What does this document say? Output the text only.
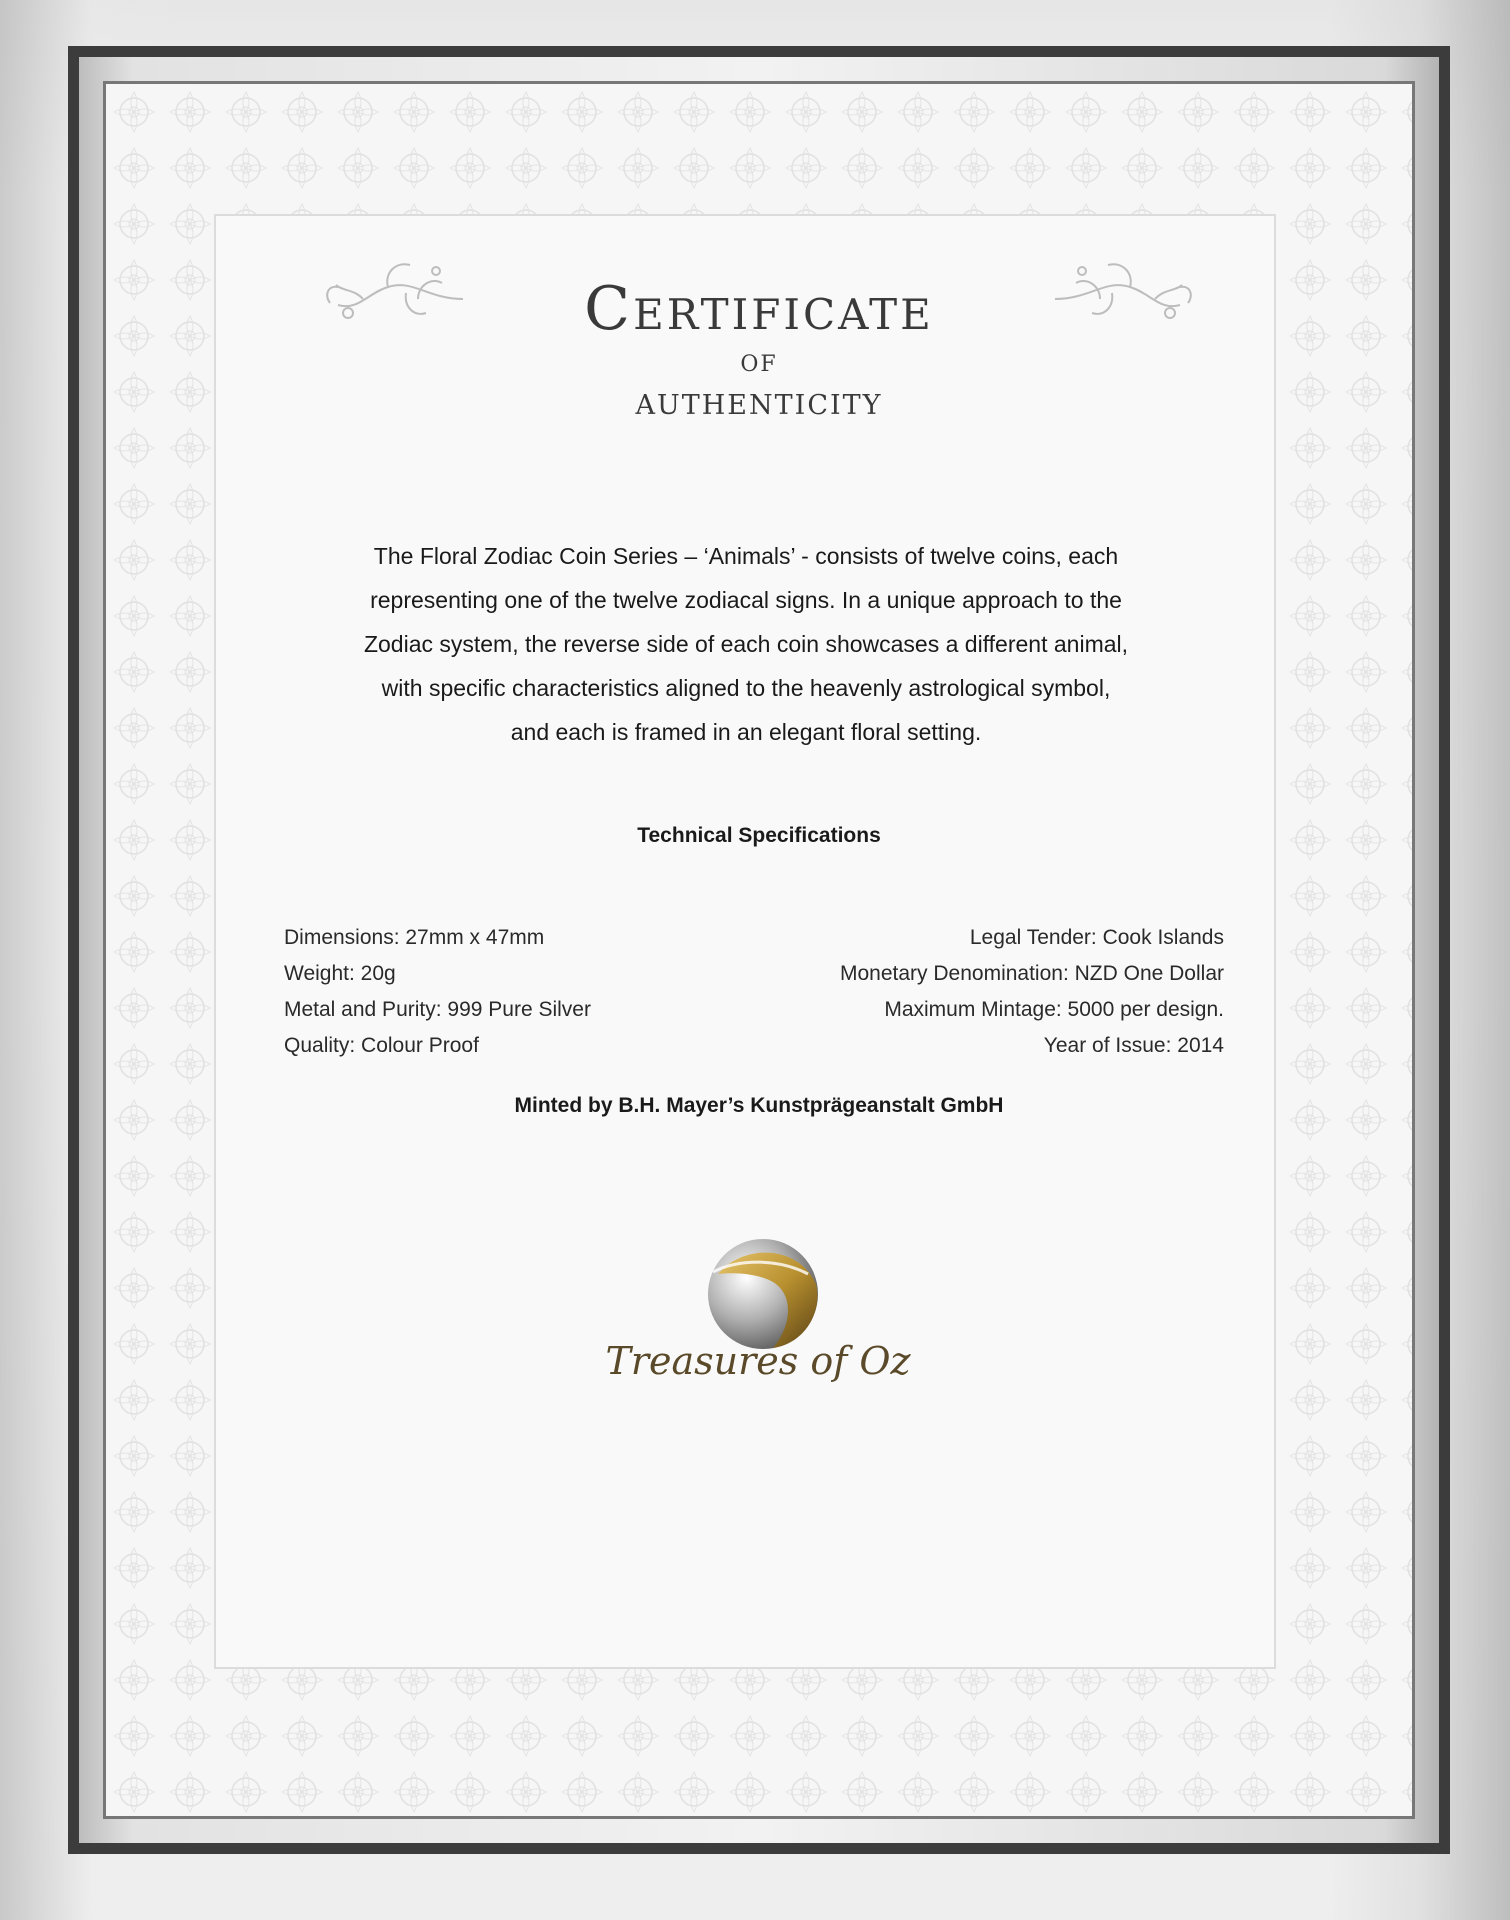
Certificate
OF
AUTHENTICITY
The Floral Zodiac Coin Series – ‘Animals’ - consists of twelve coins, each
representing one of the twelve zodiacal signs. In a unique approach to the
Zodiac system, the reverse side of each coin showcases a different animal,
with specific characteristics aligned to the heavenly astrological symbol,
and each is framed in an elegant floral setting.
Technical Specifications
Dimensions: 27mm x 47mm
Weight: 20g
Metal and Purity: 999 Pure Silver
Quality: Colour Proof
Legal Tender: Cook Islands
Monetary Denomination: NZD One Dollar
Maximum Mintage: 5000 per design.
Year of Issue: 2014
Minted by B.H. Mayer’s Kunstprägeanstalt GmbH
Treasures of Oz
